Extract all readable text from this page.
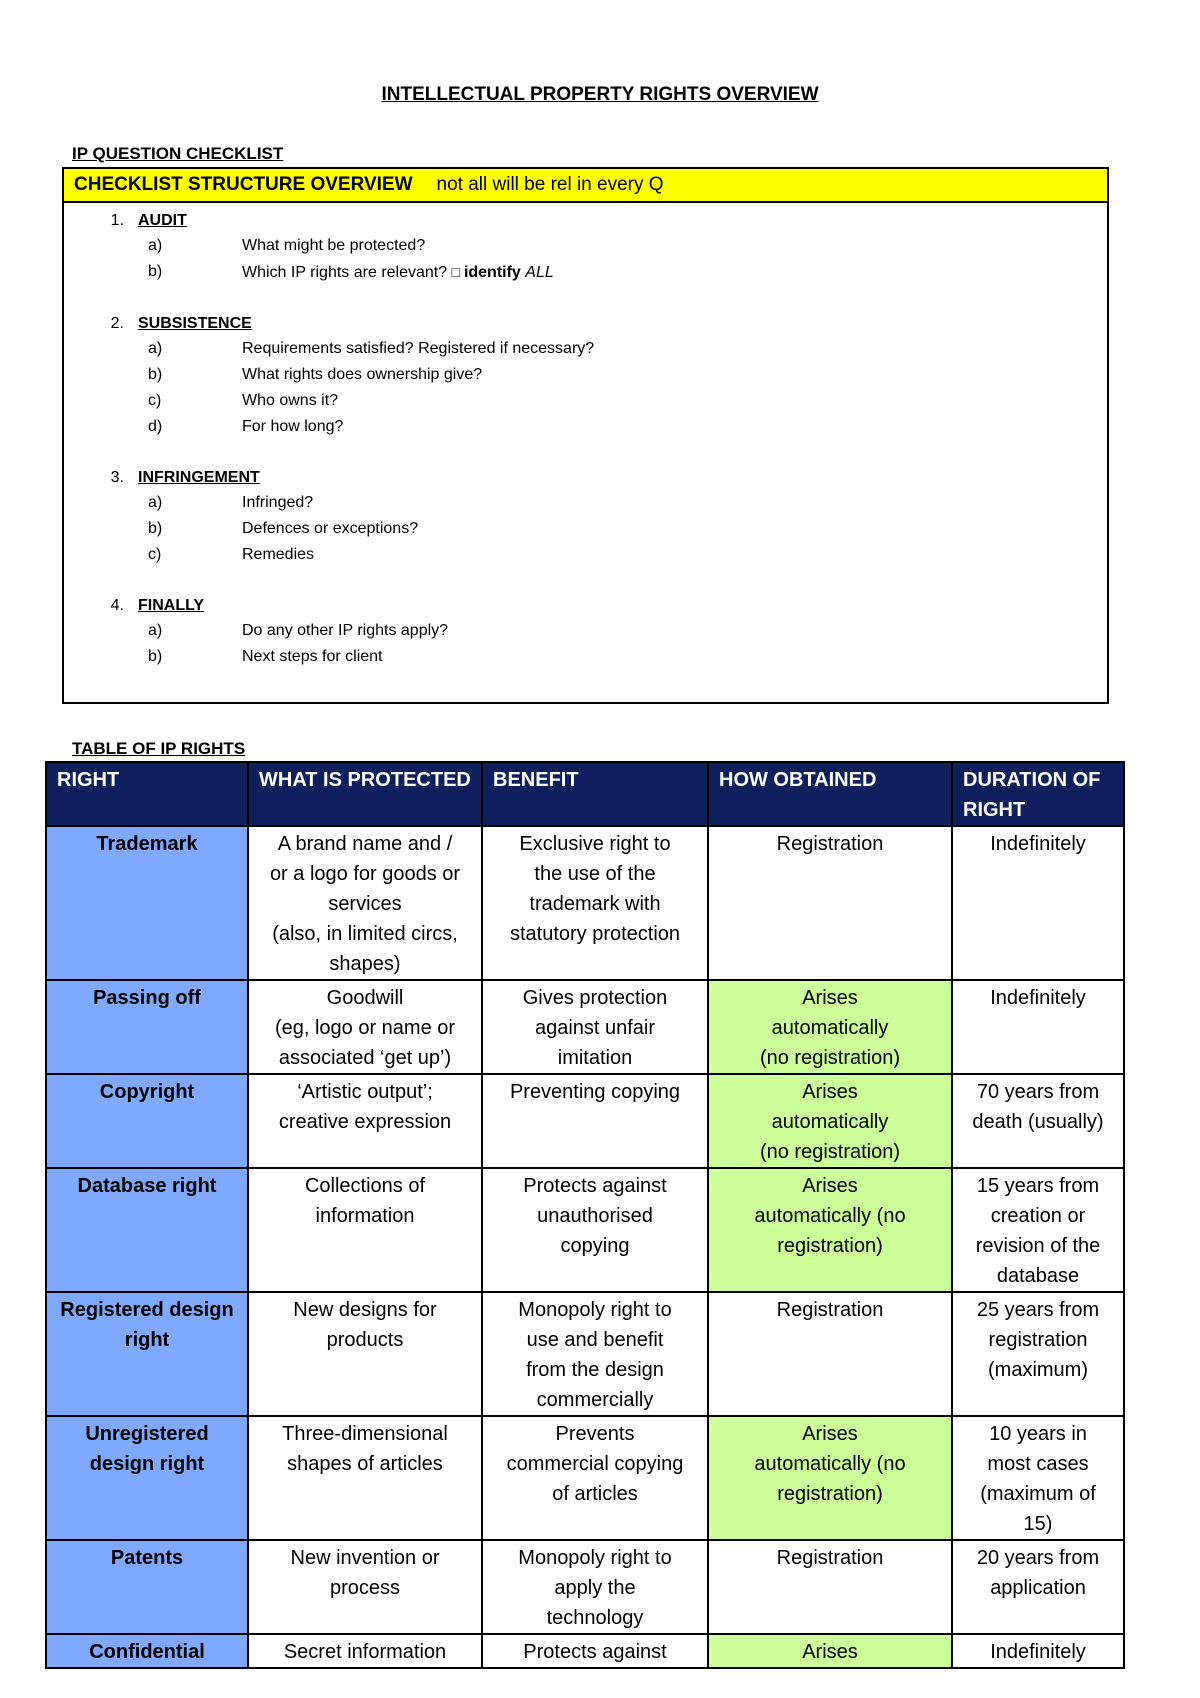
INTELLECTUAL PROPERTY RIGHTS OVERVIEW
IP QUESTION CHECKLIST
CHECKLIST STRUCTURE OVERVIEW not all will be rel in every Q
1. AUDIT
a)	What might be protected?
b)	Which IP rights are relevant? □ identify ALL
2. SUBSISTENCE
a)	Requirements satisfied? Registered if necessary?
b)	What rights does ownership give?
c)	Who owns it?
d)	For how long?
3. INFRINGEMENT
a)	Infringed?
b)	Defences or exceptions?
c)	Remedies
4. FINALLY
a)	Do any other IP rights apply?
b)	Next steps for client
TABLE OF IP RIGHTS
RIGHT	WHAT IS PROTECTED	BENEFIT	HOW OBTAINED	DURATION OF RIGHT
Trademark	A brand name and /
or a logo for goods or
services
(also, in limited circs,
shapes)	Exclusive right to
the use of the
trademark with
statutory protection	Registration	Indefinitely
Passing off	Goodwill
(eg, logo or name or
associated ‘get up’)	Gives protection
against unfair
imitation	Arises
automatically
(no registration)	Indefinitely
Copyright	‘Artistic output’;
creative expression	Preventing copying	Arises
automatically
(no registration)	70 years from
death (usually)
Database right	Collections of
information	Protects against
unauthorised
copying	Arises
automatically (no
registration)	15 years from
creation or
revision of the
database
Registered design
right	New designs for
products	Monopoly right to
use and benefit
from the design
commercially	Registration	25 years from
registration
(maximum)
Unregistered
design right	Three-dimensional
shapes of articles	Prevents
commercial copying
of articles	Arises
automatically (no
registration)	10 years in
most cases
(maximum of
15)
Patents	New invention or
process	Monopoly right to
apply the
technology	Registration	20 years from
application
Confidential	Secret information	Protects against	Arises	Indefinitely
